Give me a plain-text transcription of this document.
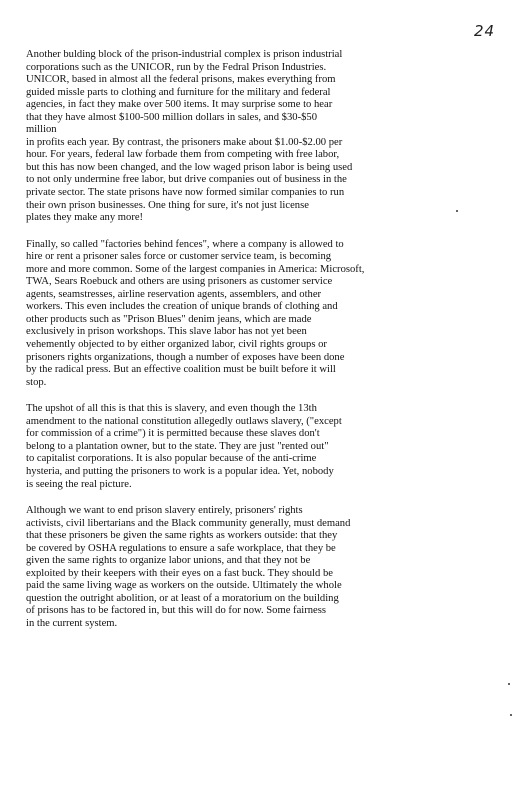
24

Another bulding block of the prison-industrial complex is prison industrial
corporations such as the UNICOR, run by the Fedral Prison Industries.
UNICOR, based in almost all the federal prisons, makes everything from
guided missle parts to clothing and furniture for the military and federal
agencies, in fact they make over 500 items. It may surprise some to hear
that they have almost $100-500 million dollars in sales, and $30-$50
million
in profits each year. By contrast, the prisoners make about $1.00-$2.00 per
hour. For years, federal law forbade them from competing with free labor,
but this has now been changed, and the low waged prison labor is being used
to not only undermine free labor, but drive companies out of business in the
private sector. The state prisons have now formed similar companies to run
their own prison businesses. One thing for sure, it's not just license
plates they make any more!

Finally, so called "factories behind fences", where a company is allowed to
hire or rent a prisoner sales force or customer service team, is becoming
more and more common. Some of the largest companies in America: Microsoft,
TWA, Sears Roebuck and others are using prisoners as customer service
agents, seamstresses, airline reservation agents, assemblers, and other
workers. This even includes the creation of unique brands of clothing and
other products such as "Prison Blues" denim jeans, which are made
exclusively in prison workshops. This slave labor has not yet been
vehemently objected to by either organized labor, civil rights groups or
prisoners rights organizations, though a number of exposes have been done
by the radical press. But an effective coalition must be built before it will
stop.

The upshot of all this is that this is slavery, and even though the 13th
amendment to the national constitution allegedly outlaws slavery, ("except
for commission of a crime") it is permitted because these slaves don't
belong to a plantation owner, but to the state. They are just "rented out"
to capitalist corporations. It is also popular because of the anti-crime
hysteria, and putting the prisoners to work is a popular idea. Yet, nobody
is seeing the real picture.

Although we want to end prison slavery entirely, prisoners' rights
activists, civil libertarians and the Black community generally, must demand
that these prisoners be given the same rights as workers outside: that they
be covered by OSHA regulations to ensure a safe workplace, that they be
given the same rights to organize labor unions, and that they not be
exploited by their keepers with their eyes on a fast buck. They should be
paid the same living wage as workers on the outside. Ultimately the whole
question the outright abolition, or at least of a moratorium on the building
of prisons has to be factored in, but this will do for now. Some fairness
in the current system.
